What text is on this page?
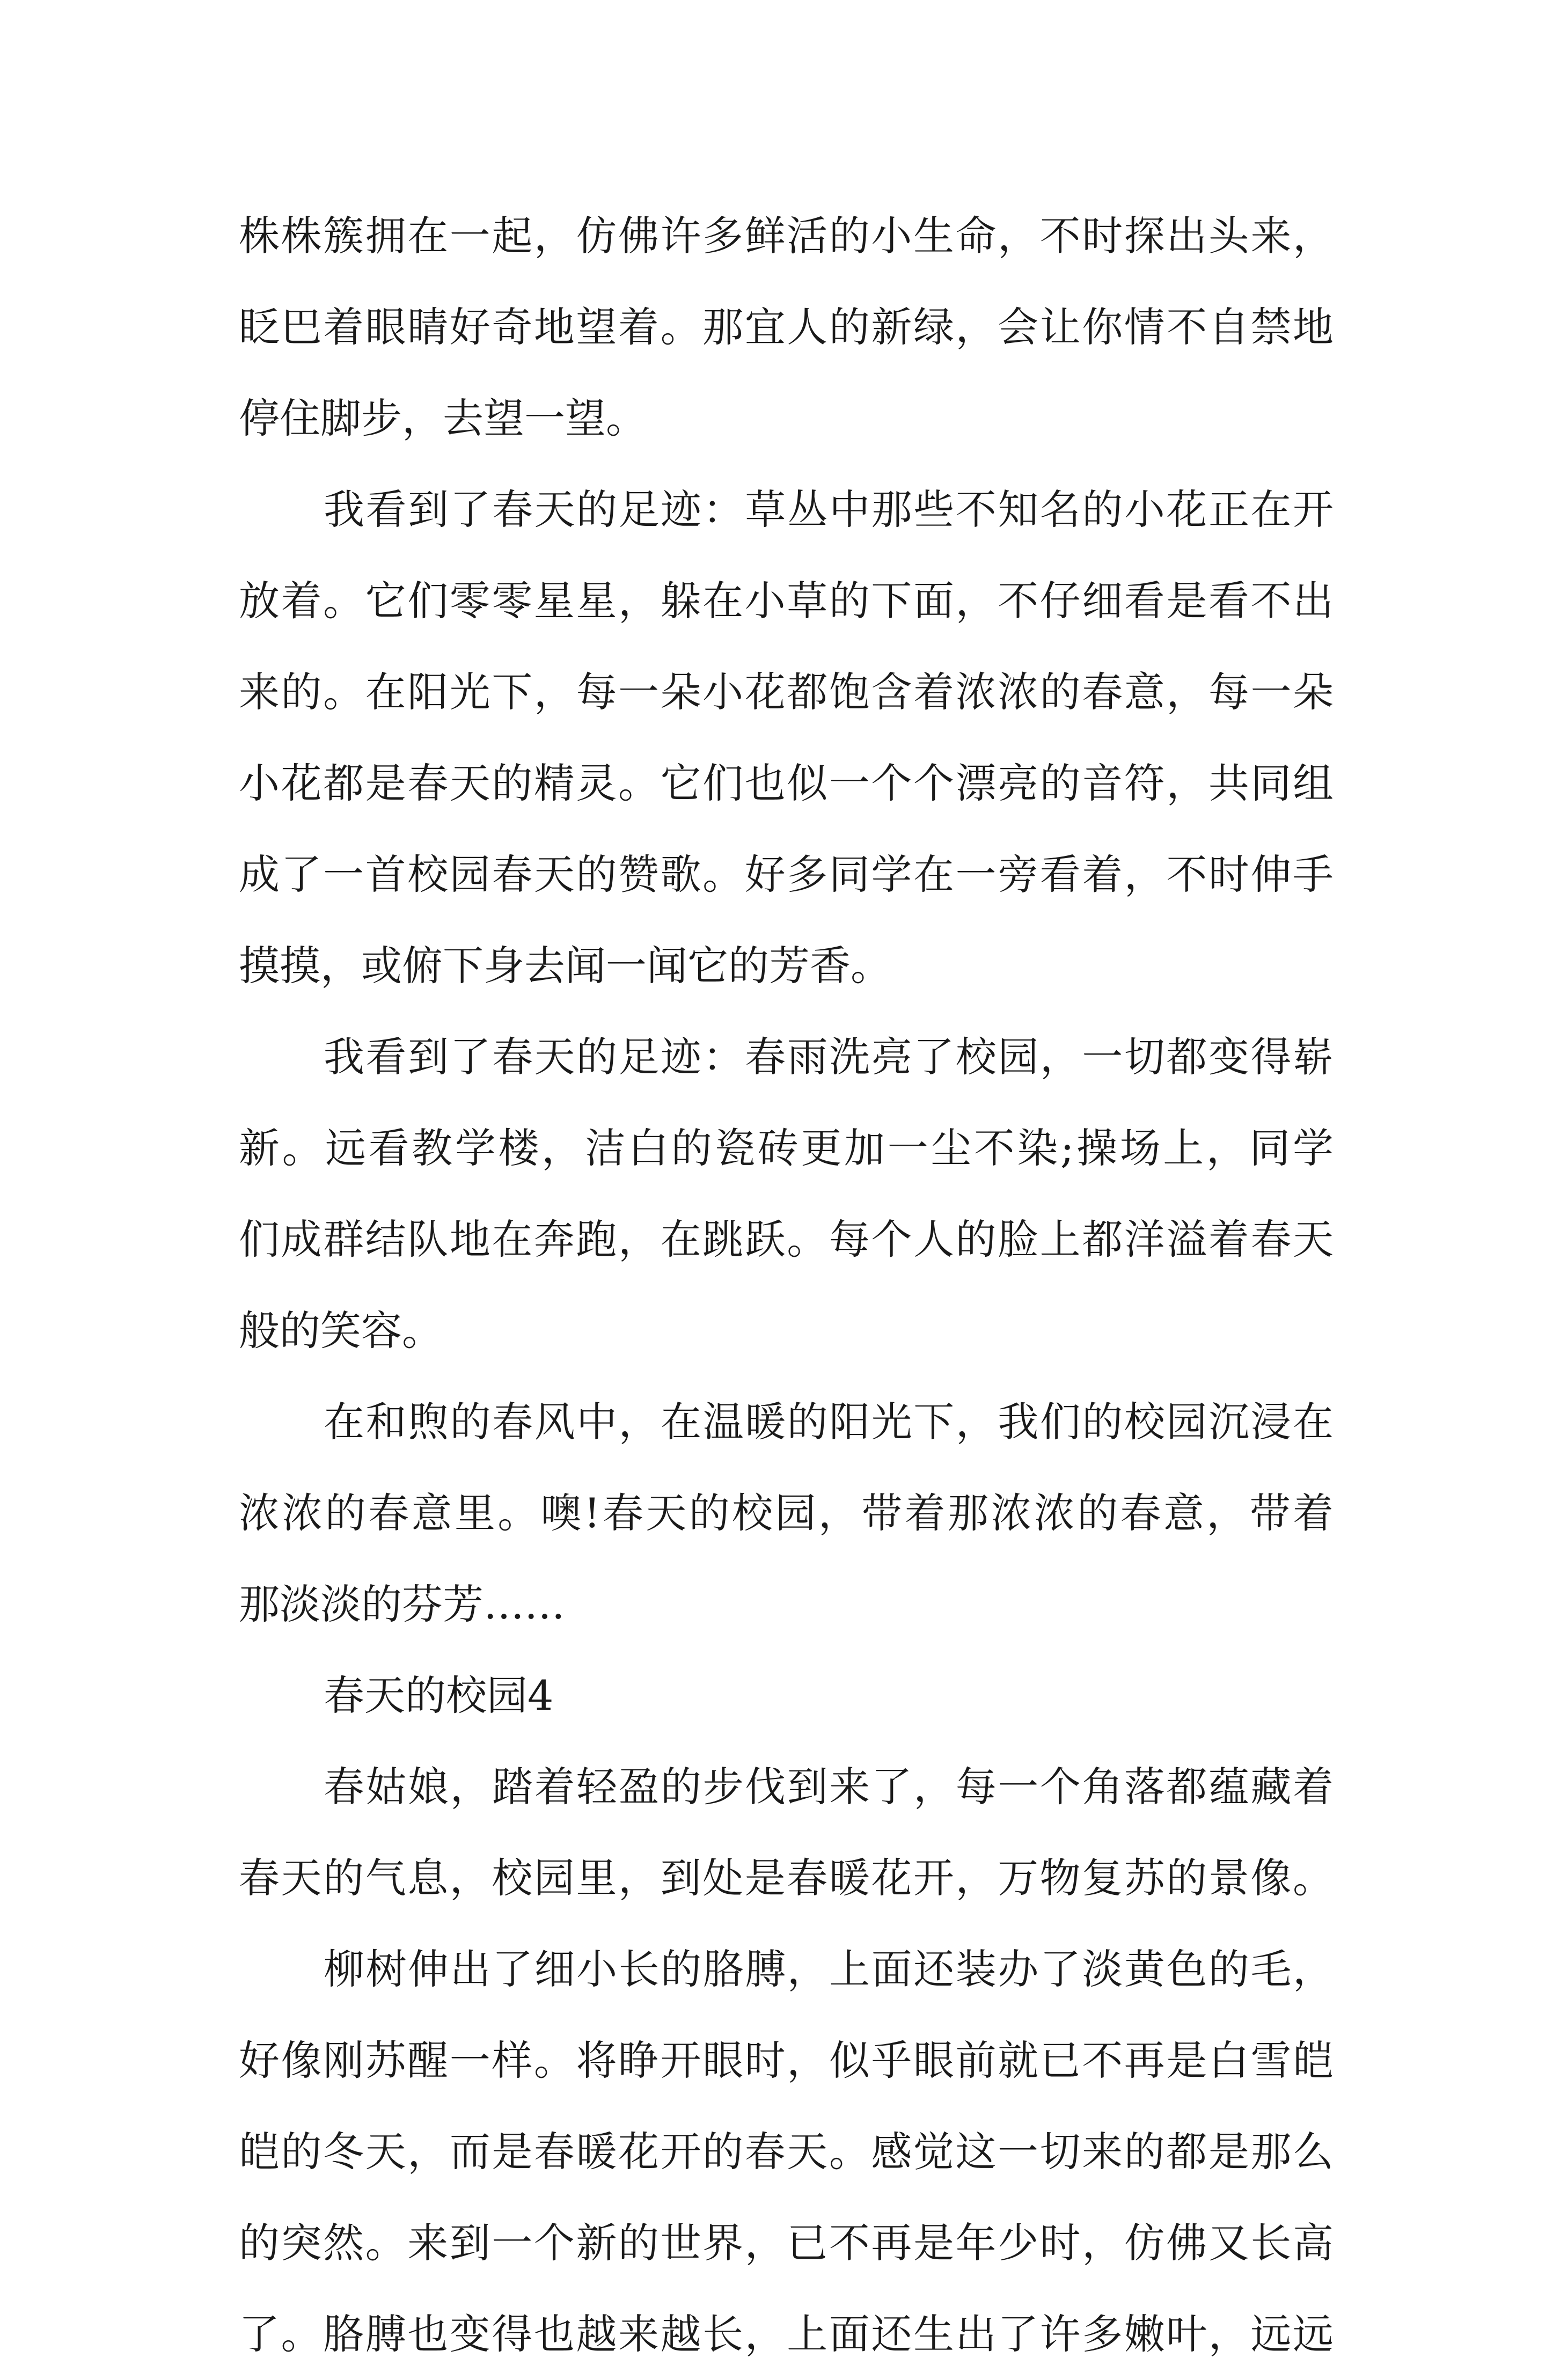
株株簇拥在一起，仿佛许多鲜活的小生命，不时探出头来，
眨巴着眼睛好奇地望着。那宜人的新绿，会让你情不自禁地
停住脚步，去望一望。
我看到了春天的足迹：草丛中那些不知名的小花正在开
放着。它们零零星星，躲在小草的下面，不仔细看是看不出
来的。在阳光下，每一朵小花都饱含着浓浓的春意，每一朵
小花都是春天的精灵。它们也似一个个漂亮的音符，共同组
成了一首校园春天的赞歌。好多同学在一旁看着，不时伸手
摸摸，或俯下身去闻一闻它的芳香。
我看到了春天的足迹：春雨洗亮了校园，一切都变得崭
新。远看教学楼，洁白的瓷砖更加一尘不染;操场上，同学
们成群结队地在奔跑，在跳跃。每个人的脸上都洋溢着春天
般的笑容。
在和煦的春风中，在温暖的阳光下，我们的校园沉浸在
浓浓的春意里。噢!春天的校园，带着那浓浓的春意，带着
那淡淡的芬芳……
春天的校园4
春姑娘，踏着轻盈的步伐到来了，每一个角落都蕴藏着
春天的气息，校园里，到处是春暖花开，万物复苏的景像。
柳树伸出了细小长的胳膊，上面还装办了淡黄色的毛，
好像刚苏醒一样。将睁开眼时，似乎眼前就已不再是白雪皑
皑的冬天，而是春暖花开的春天。感觉这一切来的都是那么
的突然。来到一个新的世界，已不再是年少时，仿佛又长高
了。胳膊也变得也越来越长，上面还生出了许多嫩叶，远远
